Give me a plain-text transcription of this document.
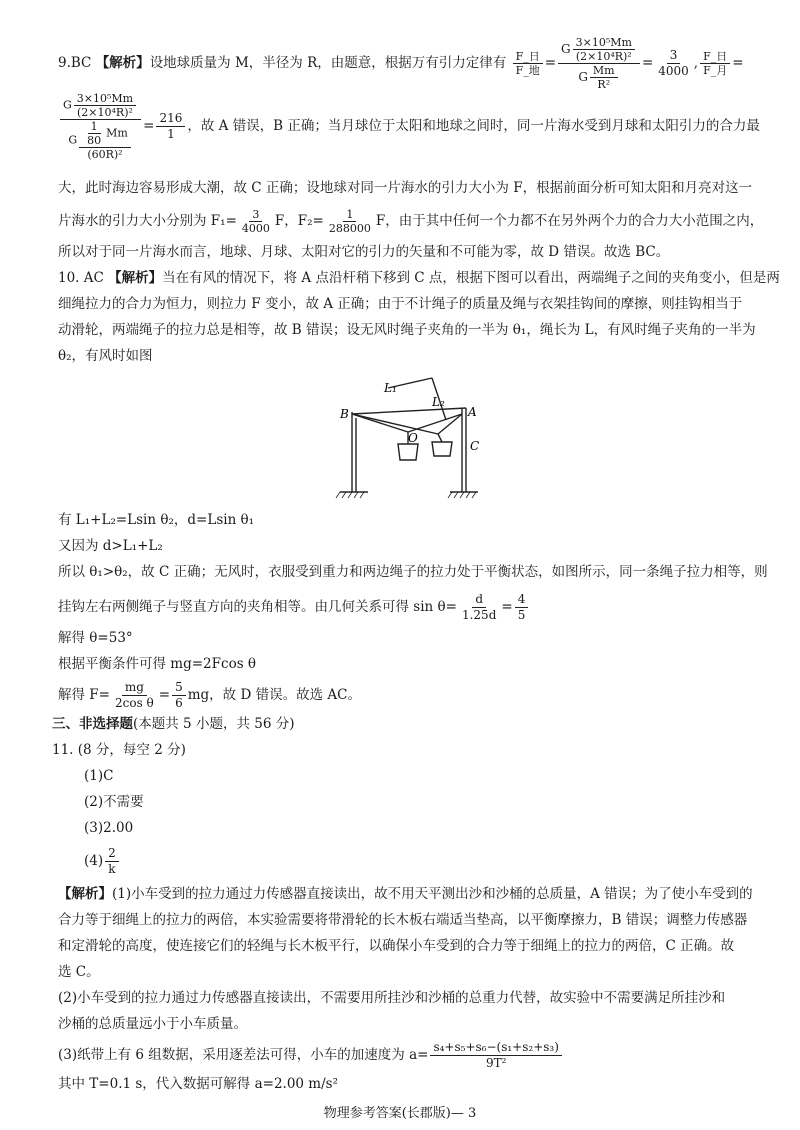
9.BC 【解析】设地球质量为 M，半径为 R，由题意，根据万有引力定律有 $\frac{\text{F\_日}}{\text{F\_地}} = \frac{G \frac{\text{3×10⁵Mm}}{\text{(2×10⁴R)²}}}{G \frac{Mm}{\text{R²}}} = \frac{3}{4000}$ , $\frac{\text{F\_日}}{\text{F\_月}}$ =
$\frac{G \frac{\text{3×10⁵Mm}}{\text{(2×10⁴R)²}}}{G \frac{\frac{1}{80} Mm}{\text{(60R)²}}} = \frac{216}{1}$ ，故 A 错误，B 正确；当月球位于太阳和地球之间时，同一片海水受到月球和太阳引力的合力最
大，此时海边容易形成大潮，故 C 正确；设地球对同一片海水的引力大小为 F，根据前面分析可知太阳和月亮对这一
片海水的引力大小分别为 $F_1= \frac{3}{4000}$ F，$F_2= \frac{1}{288000}$ F，由于其中任何一个力都不在另外两个力的合力大小范围之内，
所以对于同一片海水而言，地球、月球、太阳对它的引力的矢量和不可能为零，故 D 错误。故选 BC。
10. AC 【解析】当在有风的情况下，将 A 点沿杆稍下移到 C 点，根据下图可以看出，两端绳子之间的夹角变小，但是两
细绳拉力的合力为恒力，则拉力 F 变小，故 A 正确；由于不计绳子的质量及绳与衣架挂钩间的摩擦，则挂钩相当于
动滑轮，两端绳子的拉力总是相等，故 B 错误；设无风时绳子夹角的一半为 θ₁，绳长为 L，有风时绳子夹角的一半为
θ₂，有风时如图
L₁
L₂
B	A
C
O
有 L₁+L₂=Lsin θ₂，d=Lsin θ₁
又因为 d>L₁+L₂
所以 θ₁>θ₂，故 C 正确；无风时，衣服受到重力和两边绳子的拉力处于平衡状态，如图所示，同一条绳子拉力相等，则
挂钩左右两侧绳子与竖直方向的夹角相等。由几何关系可得 $\sin \theta= \frac{d}{1.25d} = \frac{4}{5}$
解得 θ=53°
根据平衡条件可得 mg=2Fcos θ
解得 $F= \frac{mg}{\text{2cos θ}} = \frac{5}{6}$ mg，故 D 错误。故选 AC。
三、非选择题(本题共 5 小题，共 56 分)
11. (8 分，每空 2 分)
(1)C
(2)不需要
(3)2.00
$(4) \frac{2}{k}$
【解析】(1)小车受到的拉力通过力传感器直接读出，故不用天平测出沙和沙桶的总质量，A 错误；为了使小车受到的
合力等于细绳上的拉力的两倍，本实验需要将带滑轮的长木板右端适当垫高，以平衡摩擦力，B 错误；调整力传感器
和定滑轮的高度，使连接它们的轻绳与长木板平行，以确保小车受到的合力等于细绳上的拉力的两倍，C 正确。故
选 C。
(2)小车受到的拉力通过力传感器直接读出，不需要用所挂沙和沙桶的总重力代替，故实验中不需要满足所挂沙和
沙桶的总质量远小于小车质量。
(3)纸带上有 6 组数据，采用逐差法可得，小车的加速度为 $a= \frac{\text{s₄+s₅+s₆−(s₁+s₂+s₃)}}{\text{9T²}}$
其中 T=0.1 s，代入数据可解得 a=2.00 m/s²
物理参考答案(长郡版)— 3
